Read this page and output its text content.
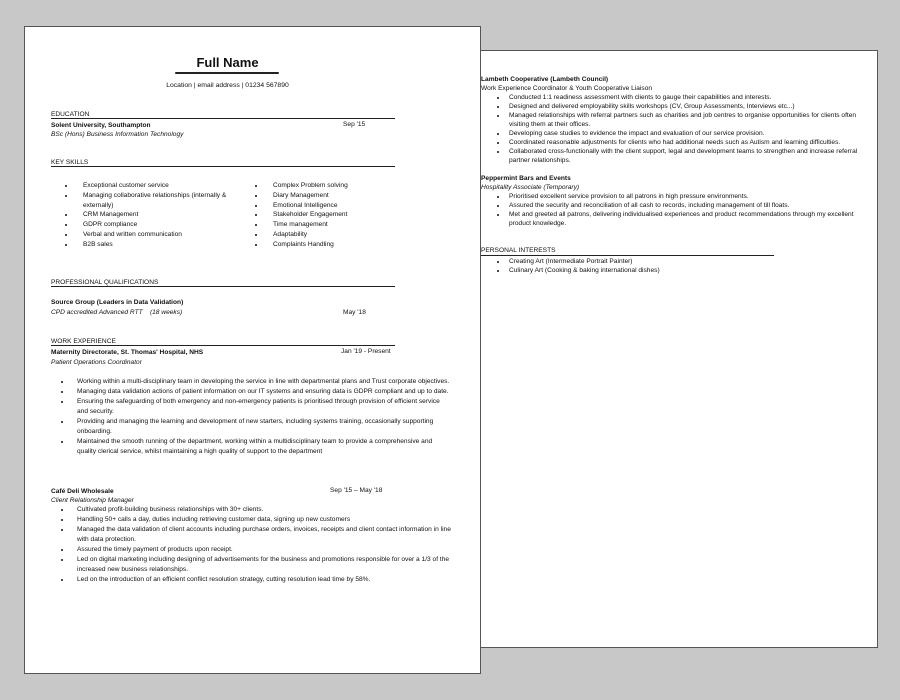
Lambeth Cooperative (Lambeth Council)
Work Experience Coordinator & Youth Cooperative Liaison
• Conducted 1:1 readiness assessment with clients to gauge their capabilities and interests.
• Designed and delivered employability skills workshops (CV, Group Assessments, Interviews etc...)
• Managed relationships with referral partners such as charities and job centres to organise opportunities for clients often visiting them at their offices.
• Developing case studies to evidence the impact and evaluation of our service provision.
• Coordinated reasonable adjustments for clients who had additional needs such as Autism and learning difficulties.
• Collaborated cross-functionally with the client support, legal and development teams to strengthen and increase referral partner relationships.
Peppermint Bars and Events
Hospitality Associate (Temporary)
• Prioritised excellent service provision to all patrons in high pressure environments.
• Assured the security and reconciliation of all cash to records, including management of till floats.
• Met and greeted all patrons, delivering individualised experiences and product recommendations through my excellent product knowledge.
PERSONAL INTERESTS
• Creating Art (Intermediate Portrait Painter)
• Culinary Art (Cooking & baking international dishes)
Full Name
Location | email address | 01234 567890
EDUCATION
Solent University, Southampton	Sep '15
BSc (Hons) Business Information Technology
KEY SKILLS
• Exceptional customer service
• Managing collaborative relationships (internally & externally)
• CRM Management
• GDPR compliance
• Verbal and written communication
• B2B sales
• Complex Problem solving
• Diary Management
• Emotional Intelligence
• Stakeholder Engagement
• Time management
• Adaptability
• Complaints Handling
PROFESSIONAL QUALIFICATIONS
Source Group (Leaders in Data Validation)
CPD accredited Advanced RTT    (18 weeks)	May '18
WORK EXPERIENCE
Maternity Directorate, St. Thomas' Hospital, NHS	Jan '19 - Present
Patient Operations Coordinator
• Working within a multi-disciplinary team in developing the service in line with departmental plans and Trust corporate objectives.
• Managing data validation actions of patient information on our IT systems and ensuring data is GDPR compliant and up to date.
• Ensuring the safeguarding of both emergency and non-emergency patients is prioritised through provision of efficient service and security.
• Providing and managing the learning and development of new starters, including systems training, occasionally supporting onboarding.
• Maintained the smooth running of the department, working within a multidisciplinary team to provide a comprehensive and quality clerical service, whilst maintaining a high quality of support to the department
Café Deli Wholesale	Sep '15 – May '18
Client Relationship Manager
• Cultivated profit-building business relationships with 30+ clients.
• Handling 50+ calls a day, duties including retrieving customer data, signing up new customers
• Managed the data validation of client accounts including purchase orders, invoices, receipts and client contact information in line with data protection.
• Assured the timely payment of products upon receipt.
• Led on digital marketing including designing of advertisements for the business and promotions responsible for over a 1/3 of the increased new business relationships.
• Led on the introduction of an efficient conflict resolution strategy, cutting resolution lead time by 58%.
